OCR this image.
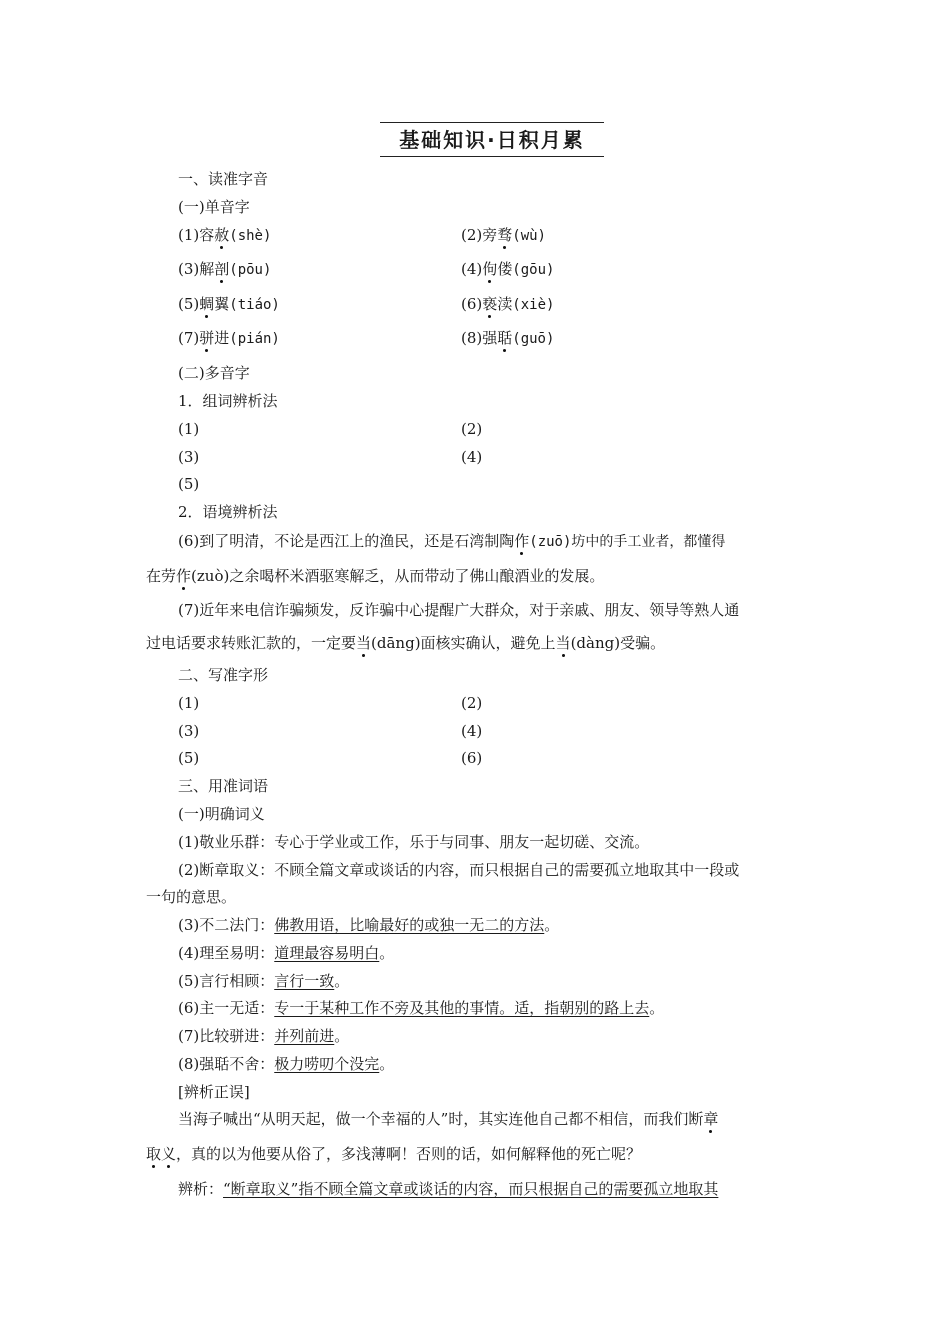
基础知识·日积月累
一、读准字音
(一)单音字
(1)容赦(shè)	(2)旁骛(wù)
(3)解剖(pōu)	(4)佝偻(gōu)
(5)蜩翼(tiáo)	(6)亵渎(xiè)
(7)骈进(pián)	(8)强聒(guō)
(二)多音字
1．组词辨析法
(1)	(2)
(3)	(4)
(5)
2．语境辨析法
(6)到了明清，不论是西江上的渔民，还是石湾制陶作(zuō)坊中的手工业者，都懂得
在劳作(zuò)之余喝杯米酒驱寒解乏，从而带动了佛山酿酒业的发展。
(7)近年来电信诈骗频发，反诈骗中心提醒广大群众，对于亲戚、朋友、领导等熟人通
过电话要求转账汇款的，一定要当(dāng)面核实确认，避免上当(dàng)受骗。
二、写准字形
(1)	(2)
(3)	(4)
(5)	(6)
三、用准词语
(一)明确词义
(1)敬业乐群：专心于学业或工作，乐于与同事、朋友一起切磋、交流。
(2)断章取义：不顾全篇文章或谈话的内容，而只根据自己的需要孤立地取其中一段或
一句的意思。
(3)不二法门：佛教用语，比喻最好的或独一无二的方法。
(4)理至易明：道理最容易明白。
(5)言行相顾：言行一致。
(6)主一无适：专一于某种工作不旁及其他的事情。适，指朝别的路上去。
(7)比较骈进：并列前进。
(8)强聒不舍：极力唠叨个没完。
[辨析正误]
当海子喊出“从明天起，做一个幸福的人”时，其实连他自己都不相信，而我们断章
取义，真的以为他要从俗了，多浅薄啊！否则的话，如何解释他的死亡呢？
辨析：“断章取义”指不顾全篇文章或谈话的内容，而只根据自己的需要孤立地取其
